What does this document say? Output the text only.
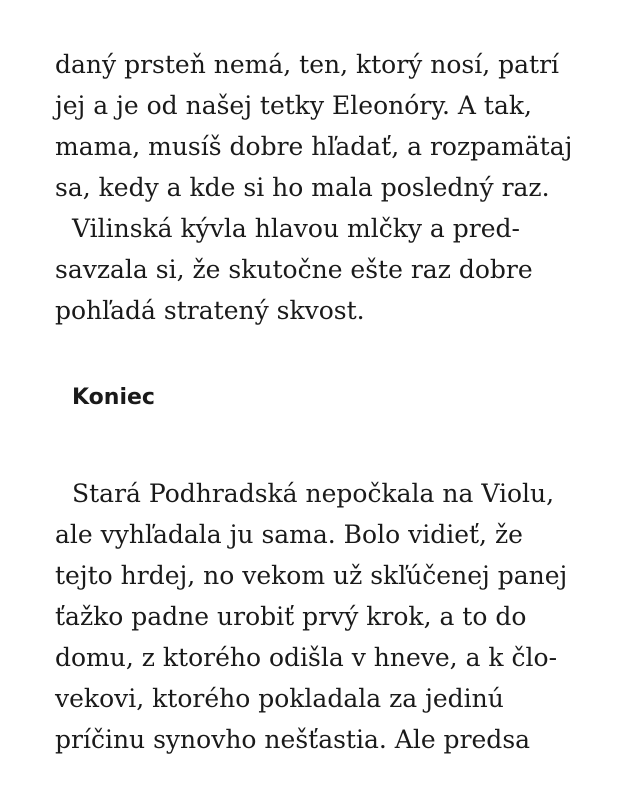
daný prsteň nemá, ten, ktorý nosí, patrí
jej a je od našej tetky Eleonóry. A tak,
mama, musíš dobre hľadať, a rozpamätaj
sa, kedy a kde si ho mala posledný raz.
Vilinská kývla hlavou mlčky a pred-
savzala si, že skutočne ešte raz dobre
pohľadá stratený skvost.
Koniec
Stará Podhradská nepočkala na Violu,
ale vyhľadala ju sama. Bolo vidieť, že
tejto hrdej, no vekom už skľúčenej panej
ťažko padne urobiť prvý krok, a to do
domu, z ktorého odišla v hneve, a k člo-
vekovi, ktorého pokladala za jedinú
príčinu synovho nešťastia. Ale predsa
